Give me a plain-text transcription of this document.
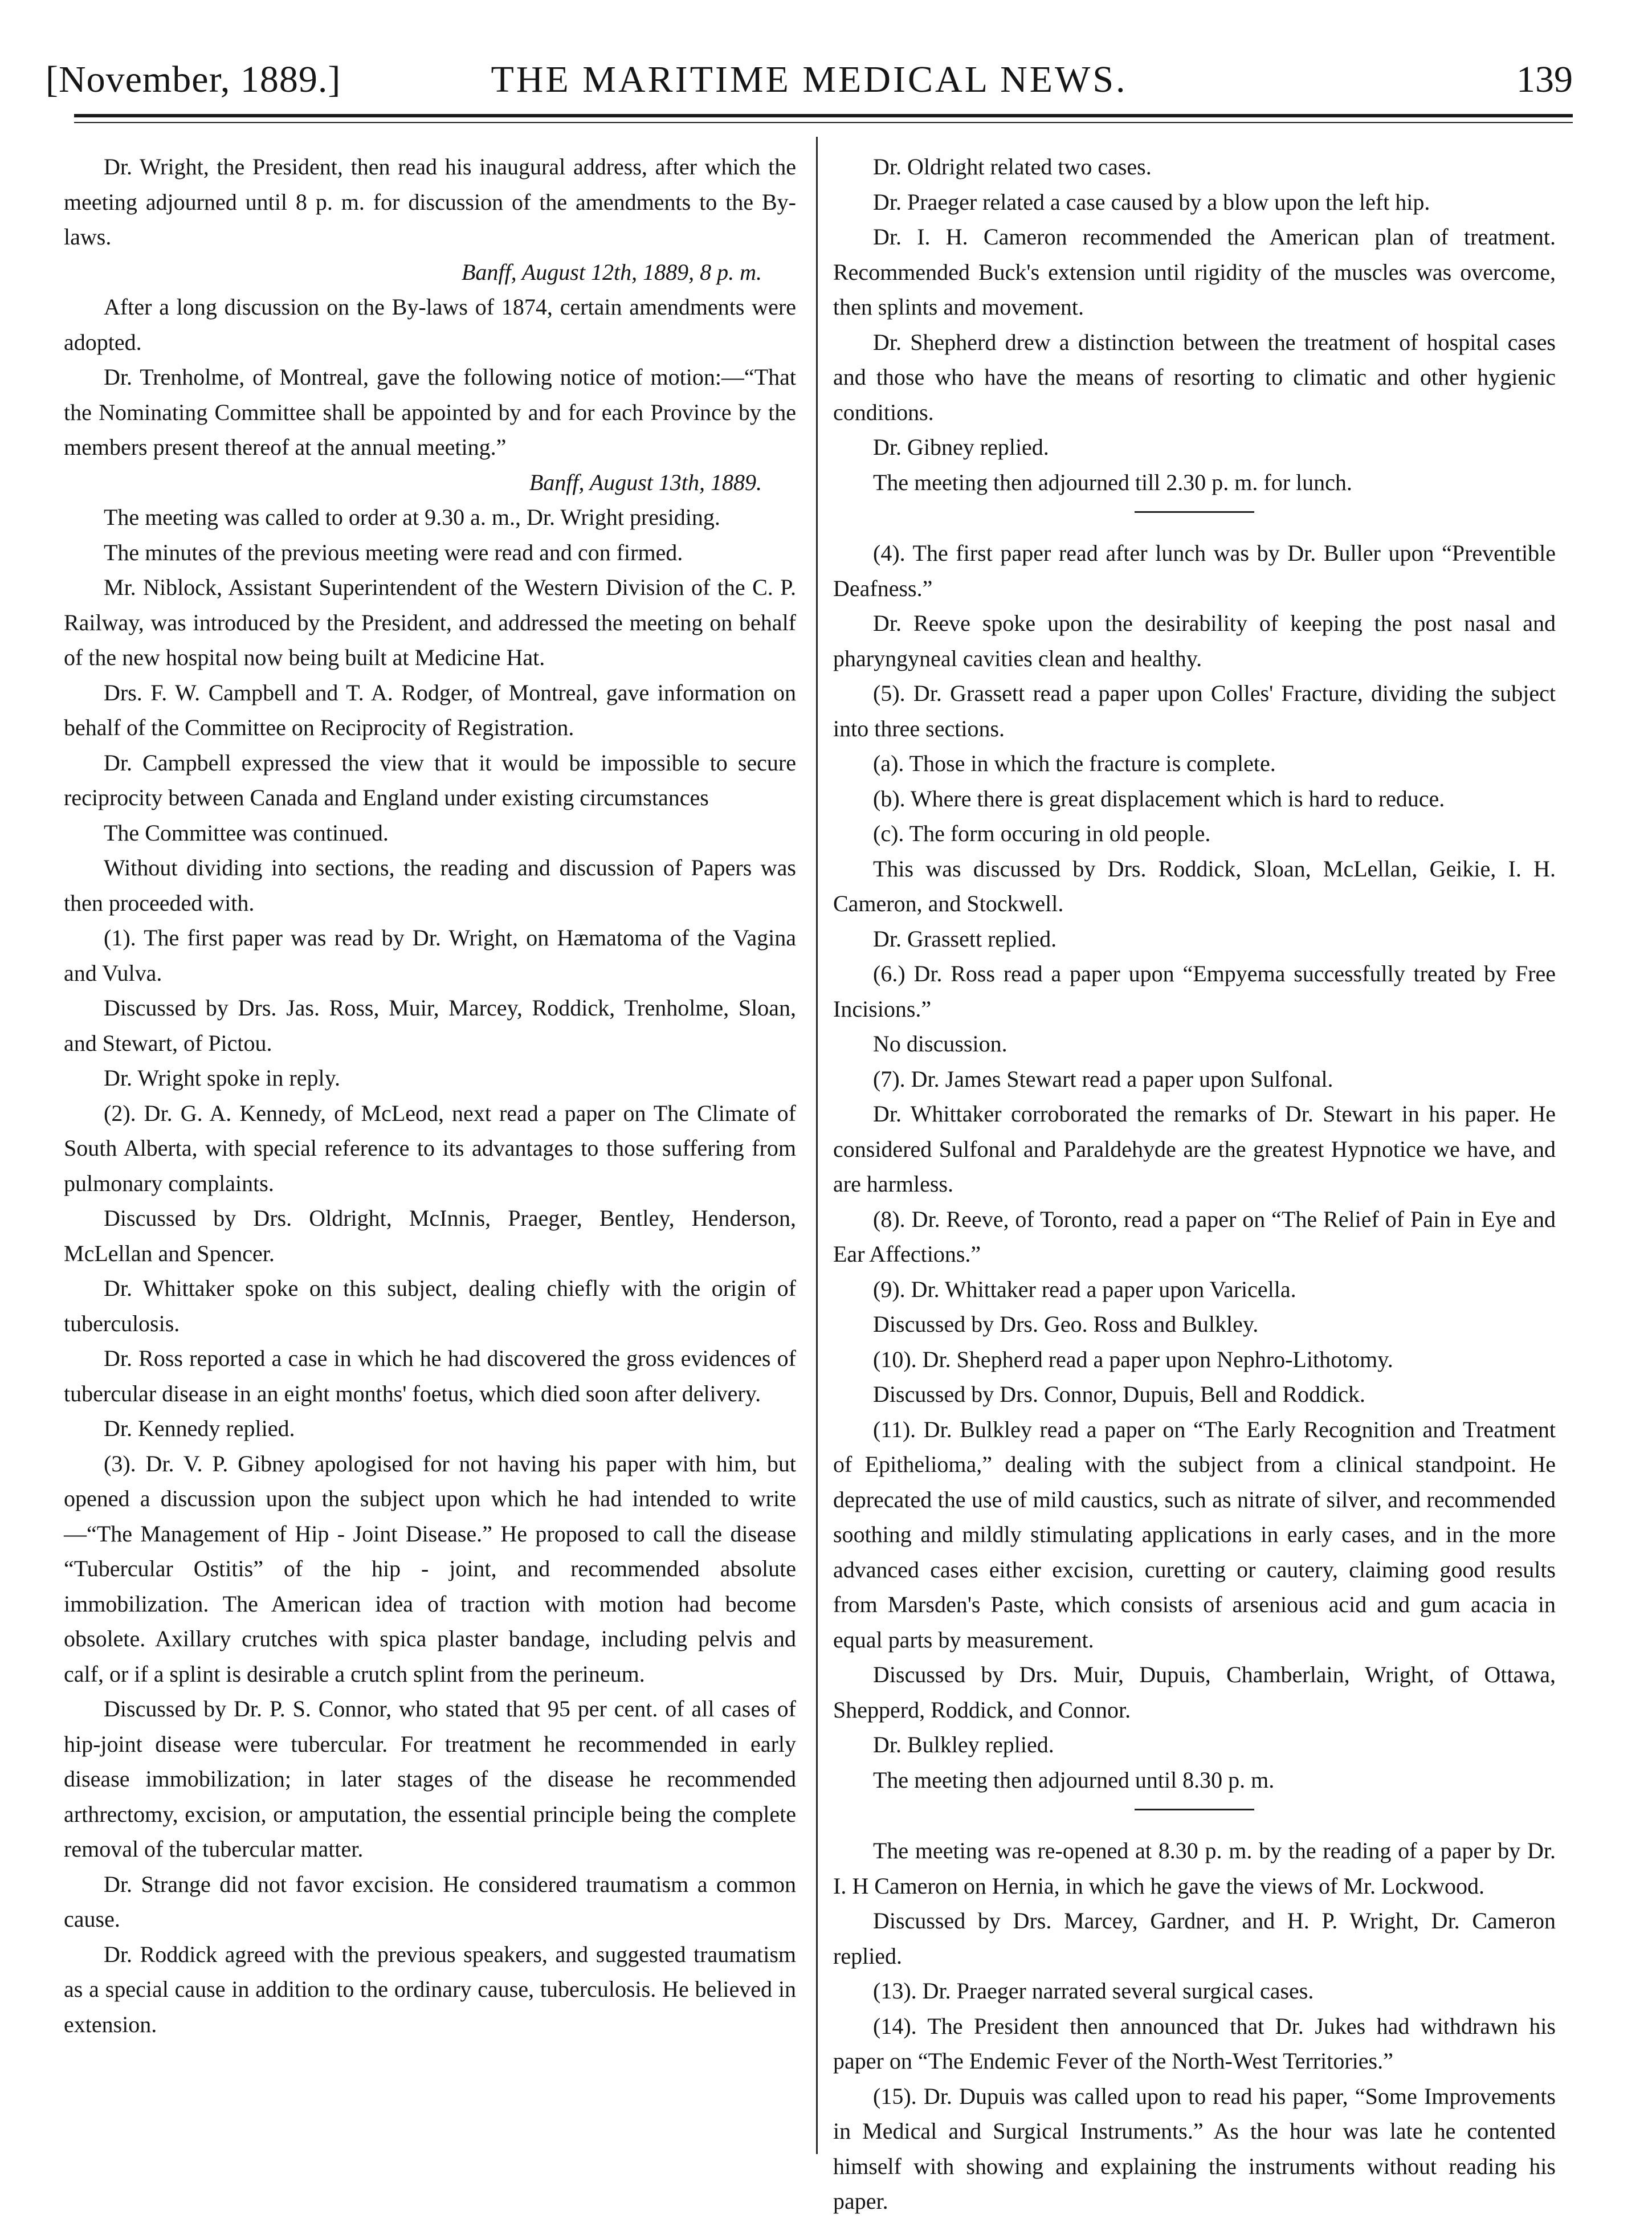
[November, 1889.]	THE MARITIME MEDICAL NEWS.	139

Dr. Wright, the President, then read his inaugural address, after which the meeting adjourned until 8 p. m. for discussion of the amendments to the By-laws.

Banff, August 12th, 1889, 8 p. m.

After a long discussion on the By-laws of 1874, certain amendments were adopted.

Dr. Trenholme, of Montreal, gave the following notice of motion:—“That the Nominating Committee shall be appointed by and for each Province by the members present thereof at the annual meeting.”

Banff, August 13th, 1889.

The meeting was called to order at 9.30 a. m., Dr. Wright presiding.

The minutes of the previous meeting were read and con firmed.

Mr. Niblock, Assistant Superintendent of the Western Division of the C. P. Railway, was introduced by the President, and addressed the meeting on behalf of the new hospital now being built at Medicine Hat.

Drs. F. W. Campbell and T. A. Rodger, of Montreal, gave information on behalf of the Committee on Reciprocity of Registration.

Dr. Campbell expressed the view that it would be impossible to secure reciprocity between Canada and England under existing circumstances

The Committee was continued.

Without dividing into sections, the reading and discussion of Papers was then proceeded with.

(1). The first paper was read by Dr. Wright, on Hæmatoma of the Vagina and Vulva.

Discussed by Drs. Jas. Ross, Muir, Marcey, Roddick, Trenholme, Sloan, and Stewart, of Pictou.

Dr. Wright spoke in reply.

(2). Dr. G. A. Kennedy, of McLeod, next read a paper on The Climate of South Alberta, with special reference to its advantages to those suffering from pulmonary complaints.

Discussed by Drs. Oldright, McInnis, Praeger, Bentley, Henderson, McLellan and Spencer.

Dr. Whittaker spoke on this subject, dealing chiefly with the origin of tuberculosis.

Dr. Ross reported a case in which he had discovered the gross evidences of tubercular disease in an eight months' foetus, which died soon after delivery.

Dr. Kennedy replied.

(3). Dr. V. P. Gibney apologised for not having his paper with him, but opened a discussion upon the subject upon which he had intended to write—“The Management of Hip - Joint Disease.” He proposed to call the disease “Tubercular Ostitis” of the hip - joint, and recommended absolute immobilization. The American idea of traction with motion had become obsolete. Axillary crutches with spica plaster bandage, including pelvis and calf, or if a splint is desirable a crutch splint from the perineum.

Discussed by Dr. P. S. Connor, who stated that 95 per cent. of all cases of hip-joint disease were tubercular. For treatment he recommended in early disease immobilization; in later stages of the disease he recommended arthrectomy, excision, or amputation, the essential principle being the complete removal of the tubercular matter.

Dr. Strange did not favor excision. He considered traumatism a common cause.

Dr. Roddick agreed with the previous speakers, and suggested traumatism as a special cause in addition to the ordinary cause, tuberculosis. He believed in extension.

Dr. Oldright related two cases.

Dr. Praeger related a case caused by a blow upon the left hip.

Dr. I. H. Cameron recommended the American plan of treatment. Recommended Buck's extension until rigidity of the muscles was overcome, then splints and movement.

Dr. Shepherd drew a distinction between the treatment of hospital cases and those who have the means of resorting to climatic and other hygienic conditions.

Dr. Gibney replied.

The meeting then adjourned till 2.30 p. m. for lunch.

(4). The first paper read after lunch was by Dr. Buller upon “Preventible Deafness.”

Dr. Reeve spoke upon the desirability of keeping the post nasal and pharyngyneal cavities clean and healthy.

(5). Dr. Grassett read a paper upon Colles' Fracture, dividing the subject into three sections.

(a). Those in which the fracture is complete.

(b). Where there is great displacement which is hard to reduce.

(c). The form occuring in old people.

This was discussed by Drs. Roddick, Sloan, McLellan, Geikie, I. H. Cameron, and Stockwell.

Dr. Grassett replied.

(6.) Dr. Ross read a paper upon “Empyema successfully treated by Free Incisions.”

No discussion.

(7). Dr. James Stewart read a paper upon Sulfonal.

Dr. Whittaker corroborated the remarks of Dr. Stewart in his paper. He considered Sulfonal and Paraldehyde are the greatest Hypnotice we have, and are harmless.

(8). Dr. Reeve, of Toronto, read a paper on “The Relief of Pain in Eye and Ear Affections.”

(9). Dr. Whittaker read a paper upon Varicella.

Discussed by Drs. Geo. Ross and Bulkley.

(10). Dr. Shepherd read a paper upon Nephro-Lithotomy.

Discussed by Drs. Connor, Dupuis, Bell and Roddick.

(11). Dr. Bulkley read a paper on “The Early Recognition and Treatment of Epithelioma,” dealing with the subject from a clinical standpoint. He deprecated the use of mild caustics, such as nitrate of silver, and recommended soothing and mildly stimulating applications in early cases, and in the more advanced cases either excision, curetting or cautery, claiming good results from Marsden's Paste, which consists of arsenious acid and gum acacia in equal parts by measurement.

Discussed by Drs. Muir, Dupuis, Chamberlain, Wright, of Ottawa, Shepperd, Roddick, and Connor.

Dr. Bulkley replied.

The meeting then adjourned until 8.30 p. m.

The meeting was re-opened at 8.30 p. m. by the reading of a paper by Dr. I. H Cameron on Hernia, in which he gave the views of Mr. Lockwood.

Discussed by Drs. Marcey, Gardner, and H. P. Wright, Dr. Cameron replied.

(13). Dr. Praeger narrated several surgical cases.

(14). The President then announced that Dr. Jukes had withdrawn his paper on “The Endemic Fever of the North-West Territories.”

(15). Dr. Dupuis was called upon to read his paper, “Some Improvements in Medical and Surgical Instruments.” As the hour was late he contented himself with showing and explaining the instruments without reading his paper.
